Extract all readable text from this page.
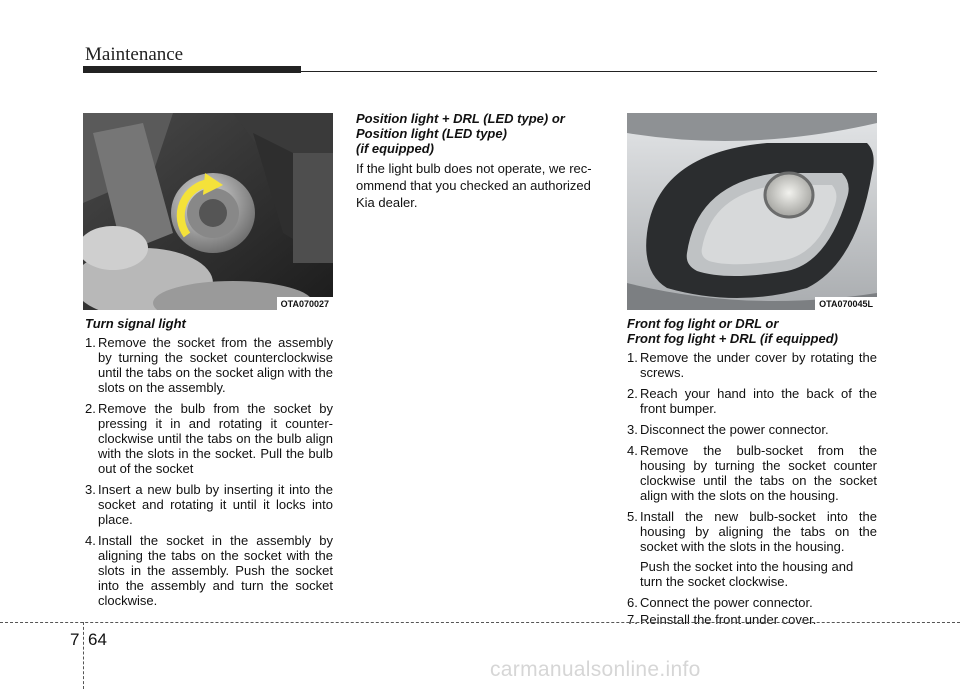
Maintenance
OTA070027	OTA070045L

Turn signal light

1. Remove the socket from the assembly by turning the socket counterclockwise until the tabs on the socket align with the slots on the assembly.
2. Remove the bulb from the socket by pressing it in and rotating it counter-clockwise until the tabs on the bulb align with the slots in the socket. Pull the bulb out of the socket
3. Insert a new bulb by inserting it into the socket and rotating it until it locks into place.
4. Install the socket in the assembly by aligning the tabs on the socket with the slots in the assembly. Push the socket into the assembly and turn the socket clockwise.

Position light + DRL (LED type) or

Position light (LED type)

(if equipped)

If the light bulb does not operate, we rec-ommend that you checked an authorized Kia dealer.

Front fog light or DRL or

Front fog light + DRL (if equipped)

1. Remove the under cover by rotating the screws.
2. Reach your hand into the back of the front bumper.
3. Disconnect the power connector.
4. Remove the bulb-socket from the housing by turning the socket counter clockwise until the tabs on the socket align with the slots on the housing.
5. Install the new bulb-socket into the housing by aligning the tabs on the socket with the slots in the housing.

Push the socket into the housing and turn the socket clockwise.

6. Connect the power connector.
7. Reinstall the front under cover.
7 64
carmanualsonline.info
